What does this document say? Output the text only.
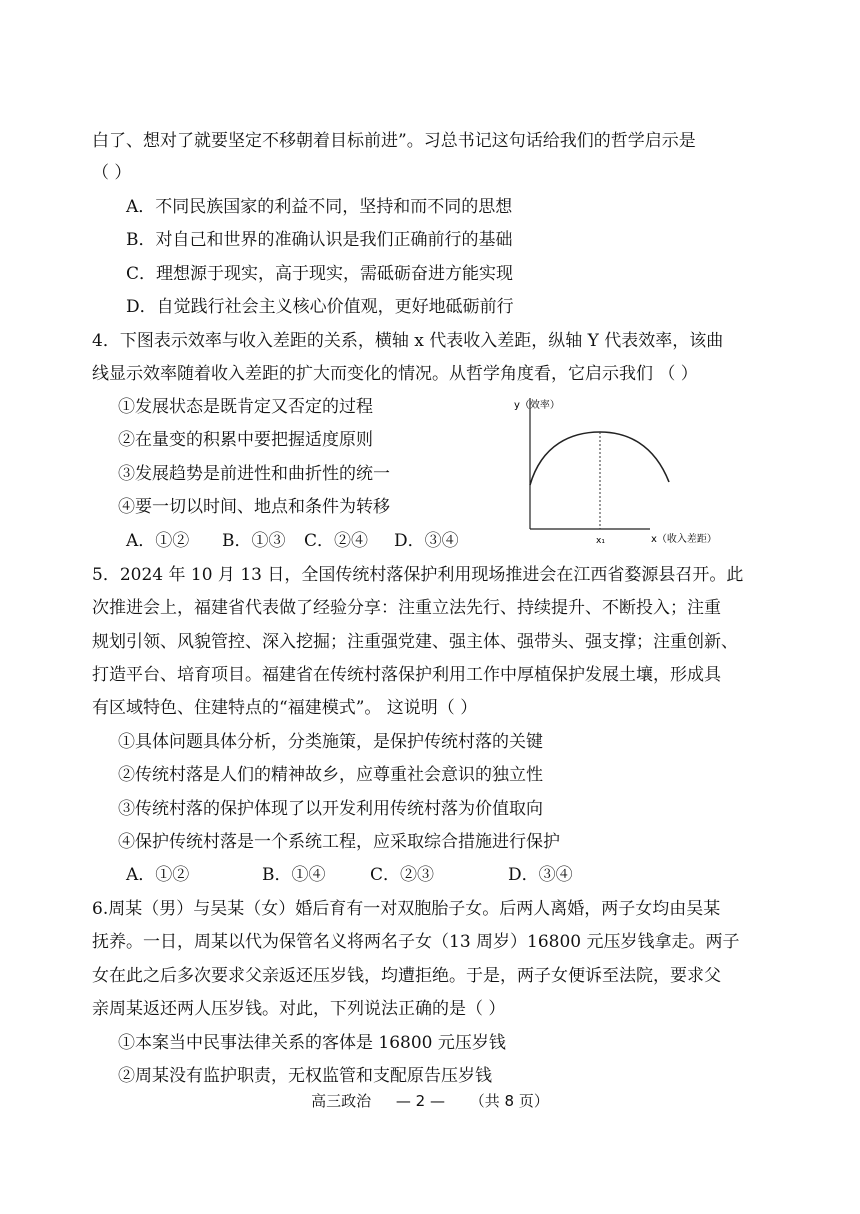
白了、想对了就要坚定不移朝着目标前进”。习总书记这句话给我们的哲学启示是
（ ）
A．不同民族国家的利益不同，坚持和而不同的思想
B．对自己和世界的准确认识是我们正确前行的基础
C．理想源于现实，高于现实，需砥砺奋进方能实现
D．自觉践行社会主义核心价值观，更好地砥砺前行
4．下图表示效率与收入差距的关系，横轴 x 代表收入差距，纵轴 Y 代表效率，该曲
线显示效率随着收入差距的扩大而变化的情况。从哲学角度看，它启示我们 （ ）
①发展状态是既肯定又否定的过程
②在量变的积累中要把握适度原则
③发展趋势是前进性和曲折性的统一
④要一切以时间、地点和条件为转移
A．①② B．①③ C．②④ D．③④
y（效率）
x₁	x（收入差距）
5．2024 年 10 月 13 日，全国传统村落保护利用现场推进会在江西省婺源县召开。此
次推进会上，福建省代表做了经验分享：注重立法先行、持续提升、不断投入；注重
规划引领、风貌管控、深入挖掘；注重强党建、强主体、强带头、强支撑；注重创新、
打造平台、培育项目。福建省在传统村落保护利用工作中厚植保护发展土壤，形成具
有区域特色、住建特点的“福建模式”。 这说明（ ）
①具体问题具体分析，分类施策，是保护传统村落的关键
②传统村落是人们的精神故乡，应尊重社会意识的独立性
③传统村落的保护体现了以开发利用传统村落为价值取向
④保护传统村落是一个系统工程，应采取综合措施进行保护
A．①②	B．①④	C．②③	D．③④
6.周某（男）与吴某（女）婚后育有一对双胞胎子女。后两人离婚，两子女均由吴某
抚养。一日，周某以代为保管名义将两名子女（13 周岁）16800 元压岁钱拿走。两子
女在此之后多次要求父亲返还压岁钱，均遭拒绝。于是，两子女便诉至法院，要求父
亲周某返还两人压岁钱。对此，下列说法正确的是（ ）
①本案当中民事法律关系的客体是 16800 元压岁钱
②周某没有监护职责，无权监管和支配原告压岁钱
高三政治 — 2 — （共 8 页）
